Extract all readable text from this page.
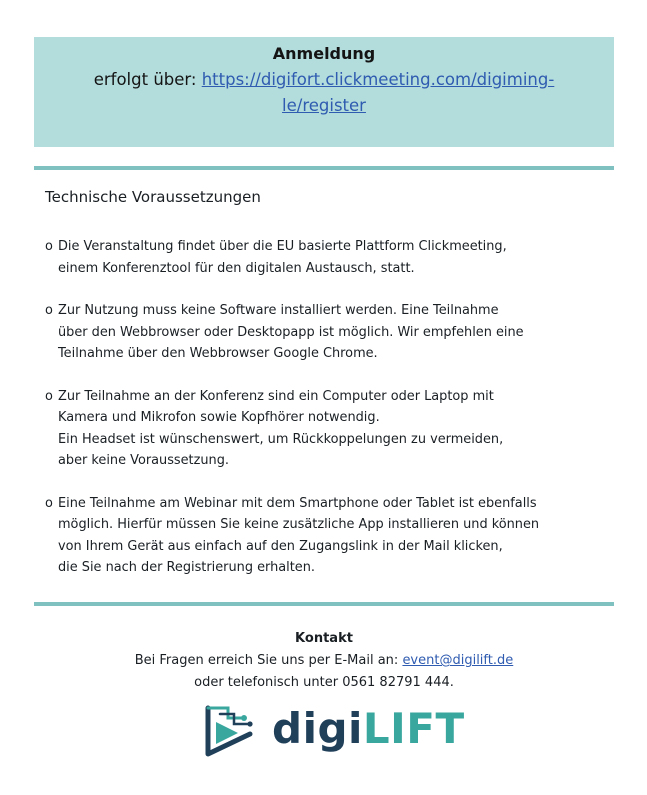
Anmeldung
erfolgt über: https://digifort.clickmeeting.com/digiming-
le/register
Technische Voraussetzungen
o Die Veranstaltung findet über die EU basierte Plattform Clickmeeting,
einem Konferenztool für den digitalen Austausch, statt.
o Zur Nutzung muss keine Software installiert werden. Eine Teilnahme
über den Webbrowser oder Desktopapp ist möglich. Wir empfehlen eine
Teilnahme über den Webbrowser Google Chrome.
o Zur Teilnahme an der Konferenz sind ein Computer oder Laptop mit
Kamera und Mikrofon sowie Kopfhörer notwendig.
Ein Headset ist wünschenswert, um Rückkoppelungen zu vermeiden,
aber keine Voraussetzung.
o Eine Teilnahme am Webinar mit dem Smartphone oder Tablet ist ebenfalls
möglich. Hierfür müssen Sie keine zusätzliche App installieren und können
von Ihrem Gerät aus einfach auf den Zugangslink in der Mail klicken,
die Sie nach der Registrierung erhalten.
Kontakt
Bei Fragen erreich Sie uns per E-Mail an: event@digilift.de
oder telefonisch unter 0561 82791 444.
digiLIFT
